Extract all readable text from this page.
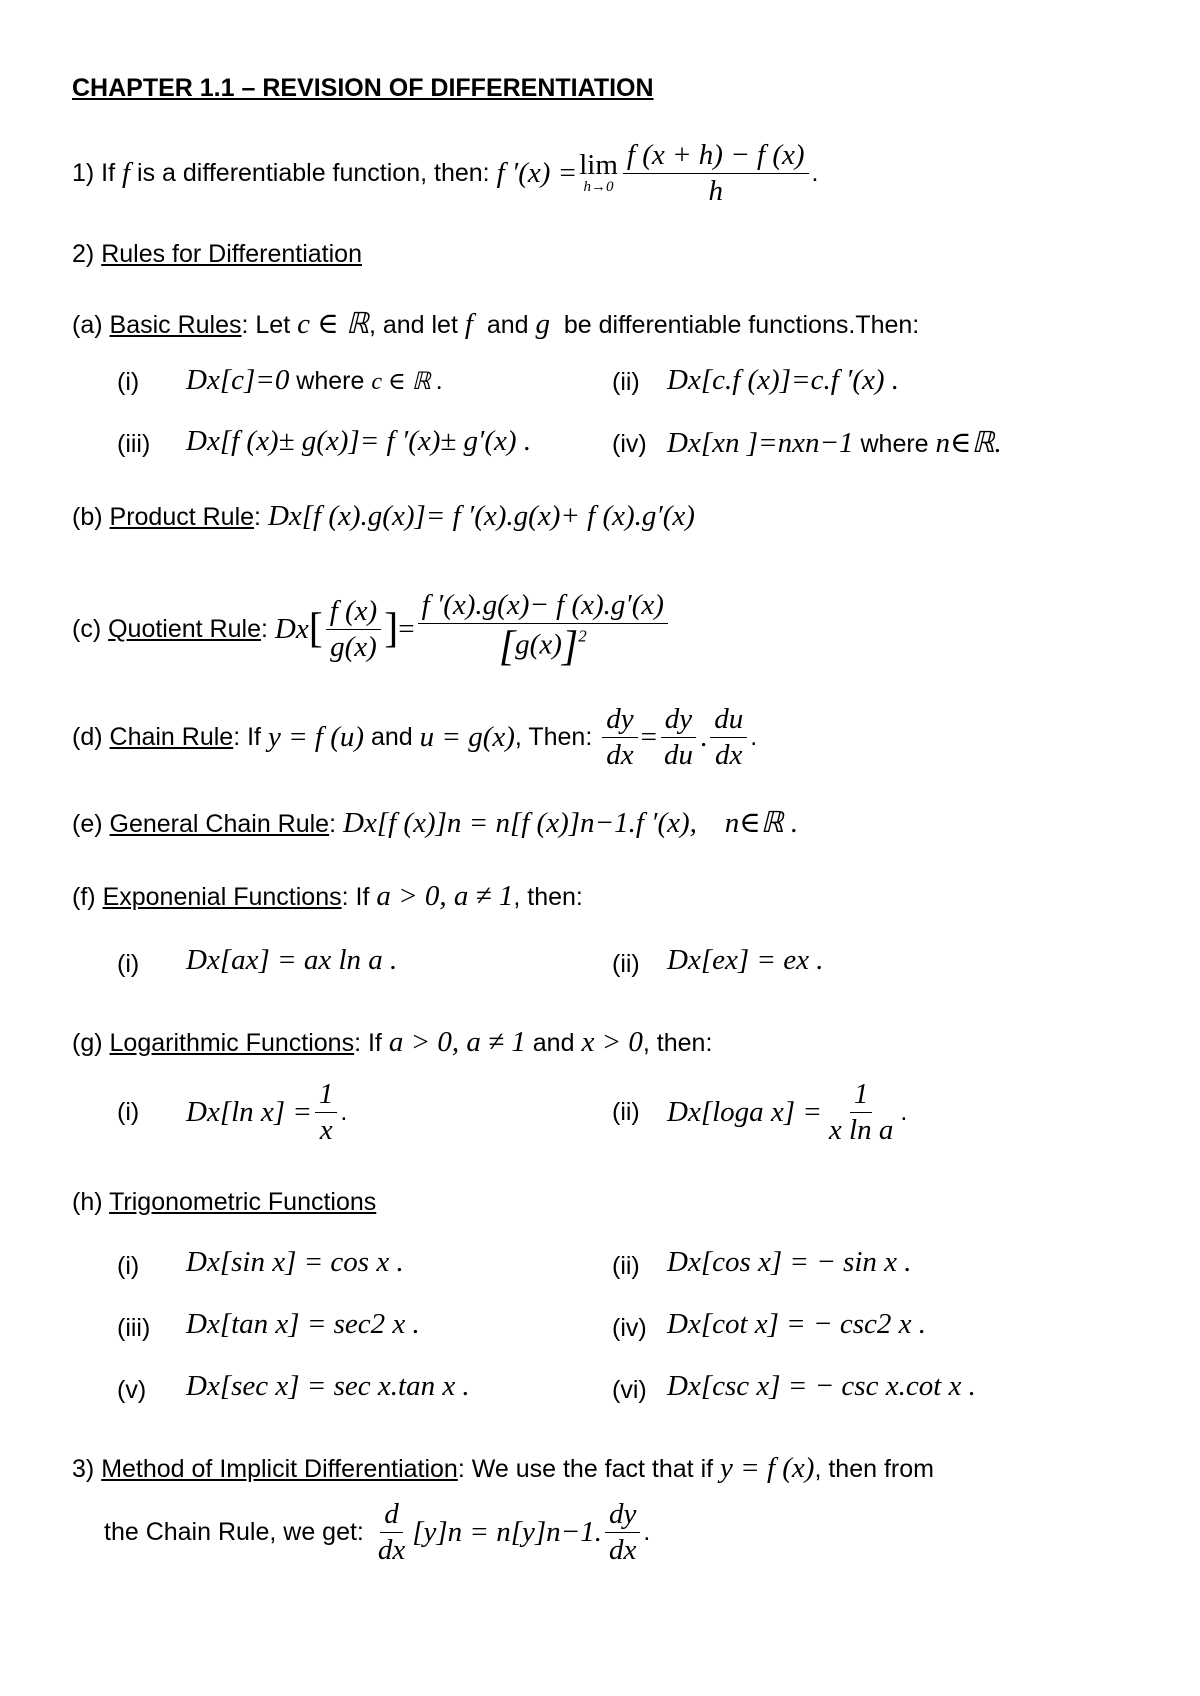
CHAPTER 1.1 – REVISION OF DIFFERENTIATION
1) If
f
is a differentiable function, then:
f ′(x) = lim
$h\to 0 \frac{f (x + h) - f (x)}{h}$ .
2) Rules for Differentiation
(a) Basic Rules: Let c ∈ ℝ, and let f and g be differentiable functions.Then:
(i) Dx[c]=0 where c ∈ ℝ .	(ii) Dx[c.f (x)]=c.f ′(x) .
(iii) Dx[f (x)± g(x)]= f ′(x)± g′(x) .	(iv) Dx[xn ]=nxn−1 where n∈ℝ.
(b) Product Rule: Dx[f (x).g(x)]= f ′(x).g(x)+ f (x).g′(x)
(c)
Quotient Rule :
Dx [ $\frac{f (x)}{g(x)}$ ] = $\frac{f '(x).g(x)- f (x).g'(x)}{[g(x)]^2}$
(d)
Chain Rule : If
y = f (u)
and
u = g(x) , Then:
$\frac{dy}{dx} = \frac{dy}{du}$ . $\frac{du}{dx}$ .
(e) General Chain Rule: Dx[f (x)]n = n[f (x)]n−1.f ′(x), n∈ℝ .
(f) Exponenial Functions: If a > 0, a ≠ 1, then:
(i) Dx[ax] = ax ln a .	(ii) Dx[ex] = ex .
(g) Logarithmic Functions: If a > 0, a ≠ 1 and x > 0, then:
(i) Dx[ln $x] = \frac{1}{x}$ .	(ii) Dx[loga $x] = \frac{1}{\text{x ln a}}$ .
(h) Trigonometric Functions
(i) Dx[sin x] = cos x .	(ii) Dx[cos x] = − sin x .
(iii) Dx[tan x] = sec2 x .	(iv) Dx[cot x] = − csc2 x .
(v) Dx[sec x] = sec x.tan x .	(vi) Dx[csc x] = − csc x.cot x .
3) Method of Implicit Differentiation: We use the fact that if y = f (x), then from
the Chain Rule, we get:
$\frac{d}{dx} [y]n = n[y]n-1$. $\frac{dy}{dx}$ .
